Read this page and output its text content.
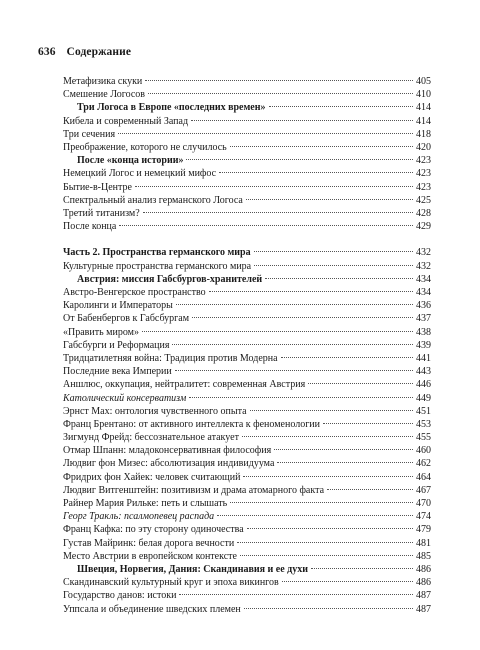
636 Содержание
Метафизика скуки	405
Смешение Логосов	410
Три Логоса в Европе «последних времен»	414
Кибела и современный Запад	414
Три сечения	418
Преображение, которого не случилось	420
После «конца истории»	423
Немецкий Логос и немецкий мифос	423
Бытие-в-Центре	423
Спектральный анализ германского Логоса	425
Третий титанизм?	428
После конца	429
Часть 2. Пространства германского мира	432
Культурные пространства германского мира	432
Австрия: миссия Габсбургов-хранителей	434
Австро-Венгерское пространство	434
Каролинги и Императоры	436
От Бабенбергов к Габсбургам	437
«Править миром»	438
Габсбурги и Реформация	439
Тридцатилетняя война: Традиция против Модерна	441
Последние века Империи	443
Аншлюс, оккупация, нейтралитет: современная Австрия	446
Католический консерватизм	449
Эрнст Мах: онтология чувственного опыта	451
Франц Брентано: от активного интеллекта к феноменологии	453
Зигмунд Фрейд: бессознательное атакует	455
Отмар Шпанн: младоконсервативная философия	460
Людвиг фон Мизес: абсолютизация индивидуума	462
Фридрих фон Хайек: человек считающий	464
Людвиг Витгенштейн: позитивизм и драма атомарного факта	467
Райнер Мария Рильке: петь и слышать	470
Георг Тракль: псалмопевец распада	474
Франц Кафка: по эту сторону одиночества	479
Густав Майринк: белая дорога вечности	481
Место Австрии в европейском контексте	485
Швеция, Норвегия, Дания: Скандинавия и ее духи	486
Скандинавский культурный круг и эпоха викингов	486
Государство данов: истоки	487
Уппсала и объединение шведских племен	487
